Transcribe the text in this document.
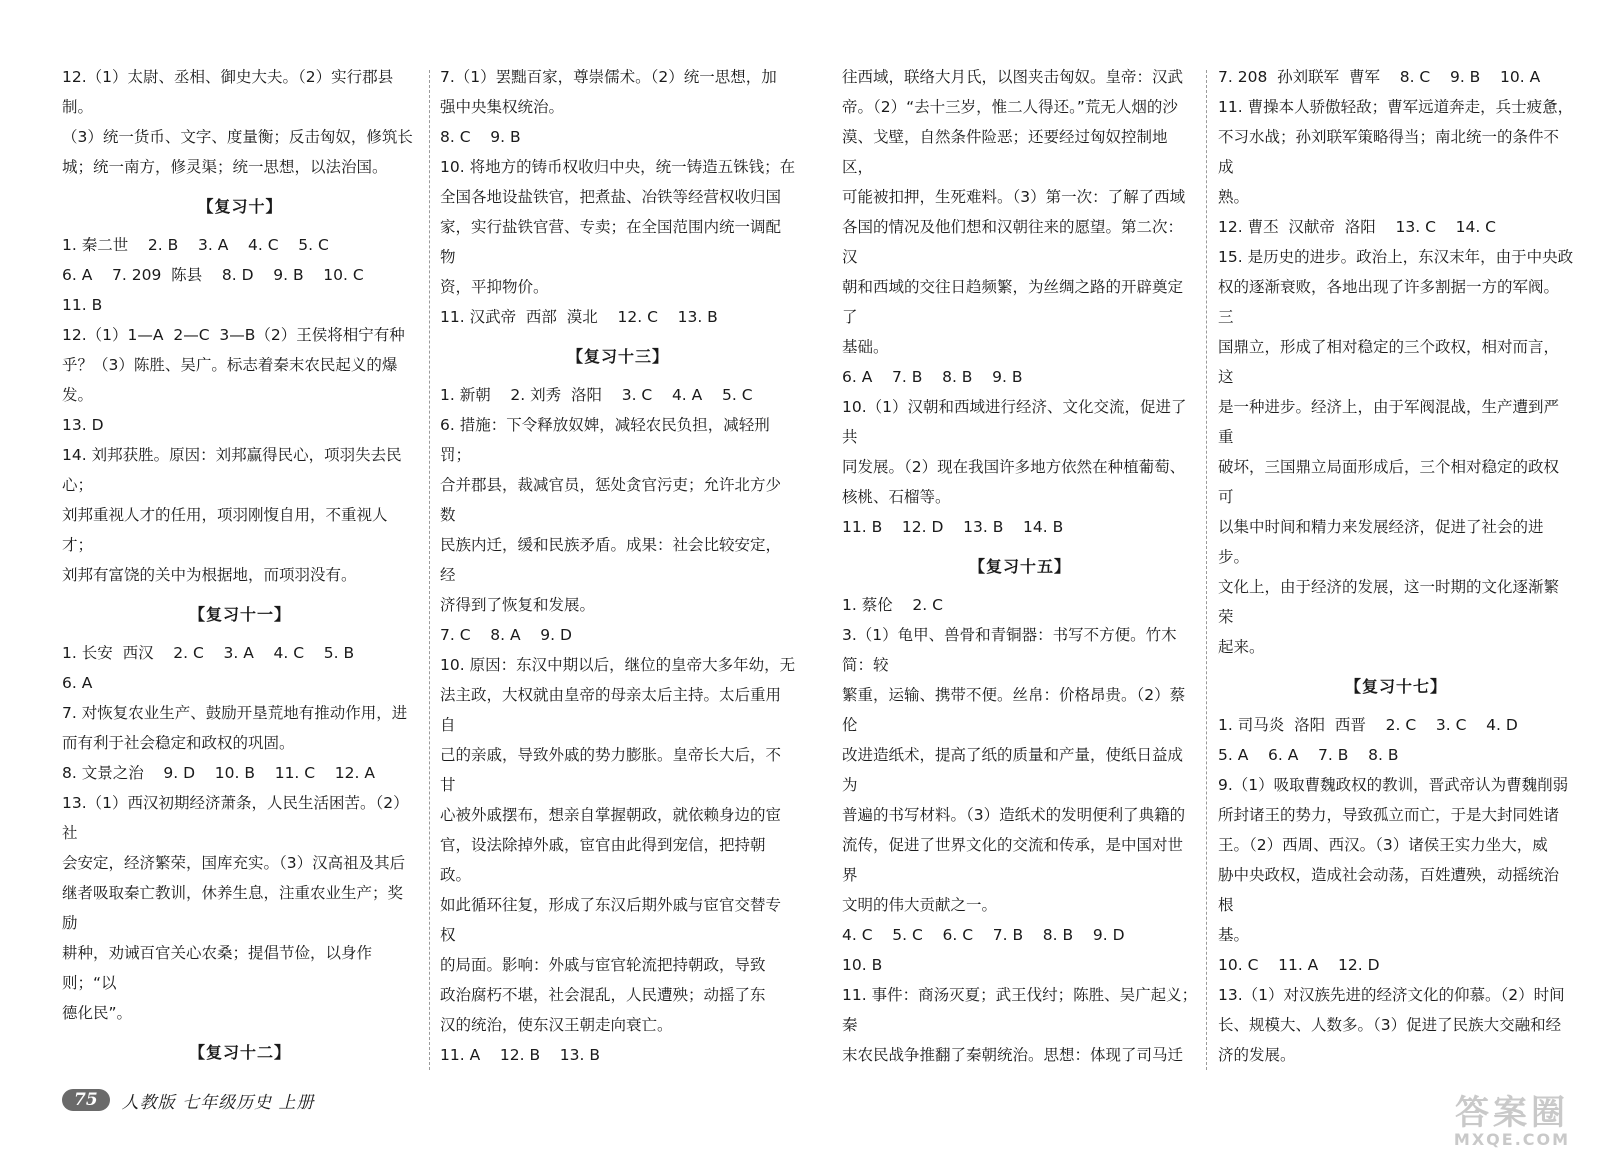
12.（1）太尉、丞相、御史大夫。（2）实行郡县制。

（3）统一货币、文字、度量衡；反击匈奴，修筑长

城；统一南方，修灵渠；统一思想，以法治国。

【复习十】

1. 秦二世    2. B    3. A    4. C    5. C

6. A    7. 209  陈县    8. D    9. B    10. C

11. B

12.（1）1—A  2—C  3—B（2）王侯将相宁有种

乎？（3）陈胜、吴广。标志着秦末农民起义的爆发。

13. D

14. 刘邦获胜。原因：刘邦赢得民心，项羽失去民心；

刘邦重视人才的任用，项羽刚愎自用，不重视人才；

刘邦有富饶的关中为根据地，而项羽没有。

【复习十一】

1. 长安  西汉    2. C    3. A    4. C    5. B

6. A

7. 对恢复农业生产、鼓励开垦荒地有推动作用，进

而有利于社会稳定和政权的巩固。

8. 文景之治    9. D    10. B    11. C    12. A

13.（1）西汉初期经济萧条，人民生活困苦。（2）社

会安定，经济繁荣，国库充实。（3）汉高祖及其后

继者吸取秦亡教训，休养生息，注重农业生产；奖励

耕种，劝诫百官关心农桑；提倡节俭，以身作则；“以

德化民”。

【复习十二】

7.（1）罢黜百家，尊崇儒术。（2）统一思想，加

强中央集权统治。

8. C    9. B

10. 将地方的铸币权收归中央，统一铸造五铢钱；在

全国各地设盐铁官，把煮盐、冶铁等经营权收归国

家，实行盐铁官营、专卖；在全国范围内统一调配物

资，平抑物价。

11. 汉武帝  西部  漠北    12. C    13. B

【复习十三】

1. 新朝    2. 刘秀  洛阳    3. C    4. A    5. C

6. 措施：下令释放奴婢，减轻农民负担，减轻刑罚；

合并郡县，裁减官员，惩处贪官污吏；允许北方少数

民族内迁，缓和民族矛盾。成果：社会比较安定，经

济得到了恢复和发展。

7. C    8. A    9. D

10. 原因：东汉中期以后，继位的皇帝大多年幼，无

法主政，大权就由皇帝的母亲太后主持。太后重用自

己的亲戚，导致外戚的势力膨胀。皇帝长大后，不甘

心被外戚摆布，想亲自掌握朝政，就依赖身边的宦

官，设法除掉外戚，宦官由此得到宠信，把持朝政。

如此循环往复，形成了东汉后期外戚与宦官交替专权

的局面。影响：外戚与宦官轮流把持朝政，导致

政治腐朽不堪，社会混乱，人民遭殃；动摇了东

汉的统治，使东汉王朝走向衰亡。

11. A    12. B    13. B

往西域，联络大月氏，以图夹击匈奴。皇帝：汉武

帝。（2）“去十三岁，惟二人得还。”荒无人烟的沙

漠、戈壁，自然条件险恶；还要经过匈奴控制地区，

可能被扣押，生死难料。（3）第一次：了解了西域

各国的情况及他们想和汉朝往来的愿望。第二次：汉

朝和西域的交往日趋频繁，为丝绸之路的开辟奠定了

基础。

6. A    7. B    8. B    9. B

10.（1）汉朝和西域进行经济、文化交流，促进了共

同发展。（2）现在我国许多地方依然在种植葡萄、

核桃、石榴等。

11. B    12. D    13. B    14. B

【复习十五】

1. 蔡伦    2. C

3.（1）龟甲、兽骨和青铜器：书写不方便。竹木简：较

繁重，运输、携带不便。丝帛：价格昂贵。（2）蔡伦

改进造纸术，提高了纸的质量和产量，使纸日益成为

普遍的书写材料。（3）造纸术的发明便利了典籍的

流传，促进了世界文化的交流和传承，是中国对世界

文明的伟大贡献之一。

4. C    5. C    6. C    7. B    8. B    9. D

10. B

11. 事件：商汤灭夏；武王伐纣；陈胜、吴广起义；秦

末农民战争推翻了秦朝统治。思想：体现了司马迁

7. 208  孙刘联军  曹军    8. C    9. B    10. A

11. 曹操本人骄傲轻敌；曹军远道奔走，兵士疲惫，

不习水战；孙刘联军策略得当；南北统一的条件不成

熟。

12. 曹丕  汉献帝  洛阳    13. C    14. C

15. 是历史的进步。政治上，东汉末年，由于中央政

权的逐渐衰败，各地出现了许多割据一方的军阀。三

国鼎立，形成了相对稳定的三个政权，相对而言，这

是一种进步。经济上，由于军阀混战，生产遭到严重

破坏，三国鼎立局面形成后，三个相对稳定的政权可

以集中时间和精力来发展经济，促进了社会的进步。

文化上，由于经济的发展，这一时期的文化逐渐繁荣

起来。

【复习十七】

1. 司马炎  洛阳  西晋    2. C    3. C    4. D

5. A    6. A    7. B    8. B

9.（1）吸取曹魏政权的教训，晋武帝认为曹魏削弱

所封诸王的势力，导致孤立而亡，于是大封同姓诸

王。（2）西周、西汉。（3）诸侯王实力坐大，威

胁中央政权，造成社会动荡，百姓遭殃，动摇统治根

基。

10. C    11. A    12. D

13.（1）对汉族先进的经济文化的仰慕。（2）时间

长、规模大、人数多。（3）促进了民族大交融和经

济的发展。

75	人教版 七年级历史 上册	答案圈
MXQE.COM
